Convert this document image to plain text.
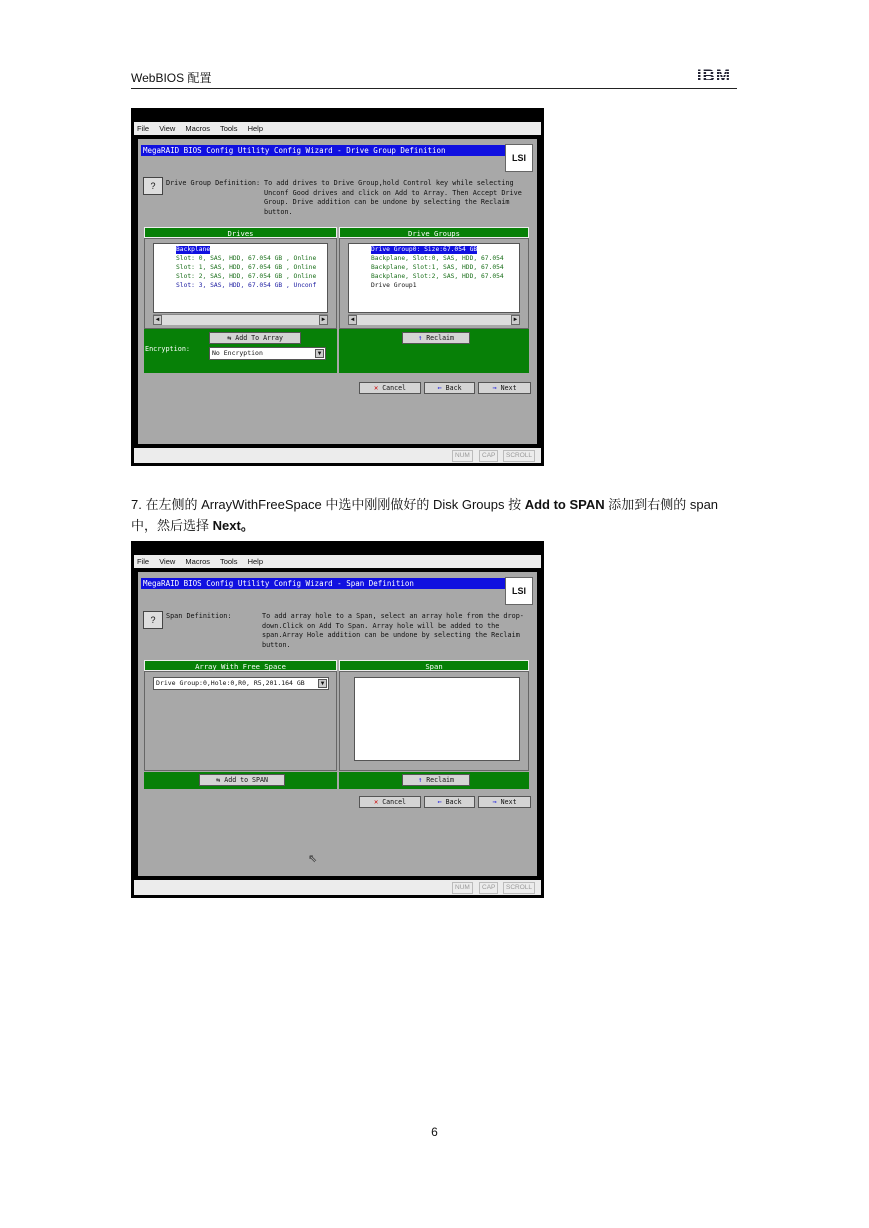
WebBIOS 配置	IBM
File View Macros Tools Help
MegaRAID BIOS Config Utility Config Wizard - Drive Group Definition
LSI
?	Drive Group Definition: To add drives to Drive Group,hold Control key while selecting Unconf Good drives and click on Add to Array. Then Accept Drive Group. Drive addition can be undone by selecting the Reclaim button.
Drives	Drive Groups
Backplane
Slot: 0, SAS, HDD, 67.054 GB , Online
Slot: 1, SAS, HDD, 67.054 GB , Online
Slot: 2, SAS, HDD, 67.054 GB , Online
Slot: 3, SAS, HDD, 67.054 GB , Unconf
◄	►
Drive Group0: Size:67.054 GB
Backplane, Slot:0, SAS, HDD, 67.054
Backplane, Slot:1, SAS, HDD, 67.054
Backplane, Slot:2, SAS, HDD, 67.054
Drive Group1
◄	►
⇆ Add To Array
Encryption:	No Encryption	▼
↑ Reclaim
✕ Cancel	⇐ Back	⇒ Next
NUM	CAP	SCROLL
7. 在左侧的 ArrayWithFreeSpace 中选中刚刚做好的 Disk Groups 按 Add to SPAN 添加到右侧的 span 中，然后选择 Next。
File View Macros Tools Help
MegaRAID BIOS Config Utility Config Wizard - Span Definition
LSI
?	Span Definition:	To add array hole to a Span, select an array hole from the drop-down.Click on Add To Span. Array hole will be added to the span.Array Hole addition can be undone by selecting the Reclaim button.
Array With Free Space	Span
Drive Group:0,Hole:0,R0, R5,201.164 GB	▼
⇆ Add to SPAN	↑ Reclaim
✕ Cancel	⇐ Back	⇒ Next
⇖
NUM	CAP	SCROLL
6
